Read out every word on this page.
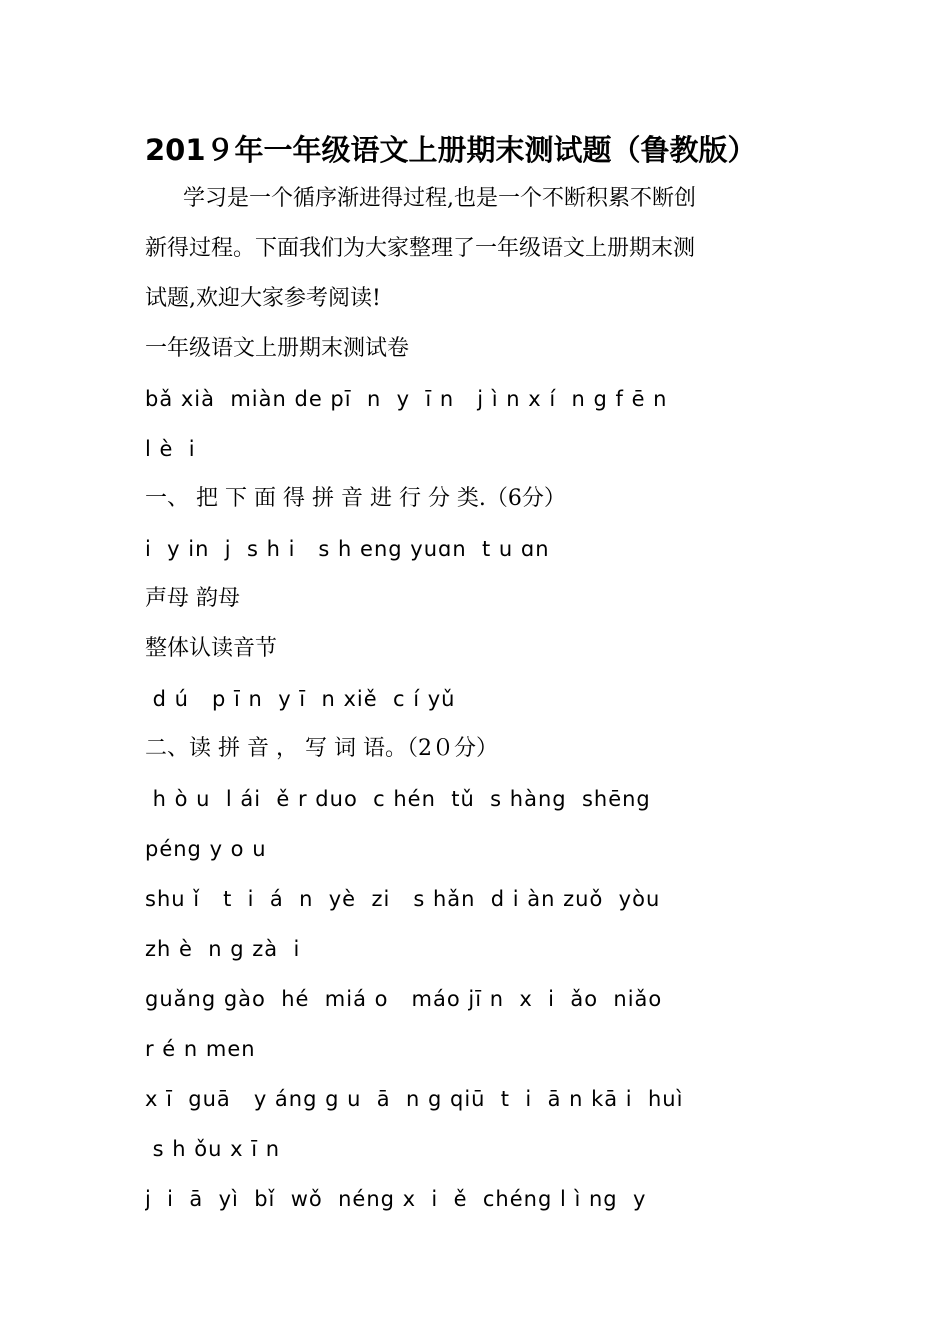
201９年一年级语文上册期末测试题（鲁教版）
学习是一个循序渐进得过程,也是一个不断积累不断创
新得过程。下面我们为大家整理了一年级语文上册期末测
试题,欢迎大家参考阅读!
一年级语文上册期末测试卷
bǎ xià  miàn de pī  n  y  ī n   j ì n x í  n g f ē n
l è  i
一、 把 下 面 得 拼 音 进 行 分 类.（6分）
i  y in  j  s h i   s h eng yuɑn  t u ɑn
声母 韵母
整体认读音节
d ú   p ī n  y ī  n xiě  c í yǔ
二、读 拼 音 ， 写 词 语。（2０分）
h ò u  l ái  ě r duo  c hén  tǔ  s hàng  shēng
péng y o u
shu ǐ   t  i  á  n  yè  zi   s hǎn  d i àn zuǒ  yòu
zh è  n g zà  i
guǎng gào  hé  miá o   máo jī n  x  i  ǎo  niǎo
r é n men
x ī  guā   y áng g u  ā  n g qiū  t  i  ā n kā i  huì
s h ǒu x ī n
j  i  ā  yì  bǐ  wǒ  néng x  i  ě  chéng l ì ng  y
